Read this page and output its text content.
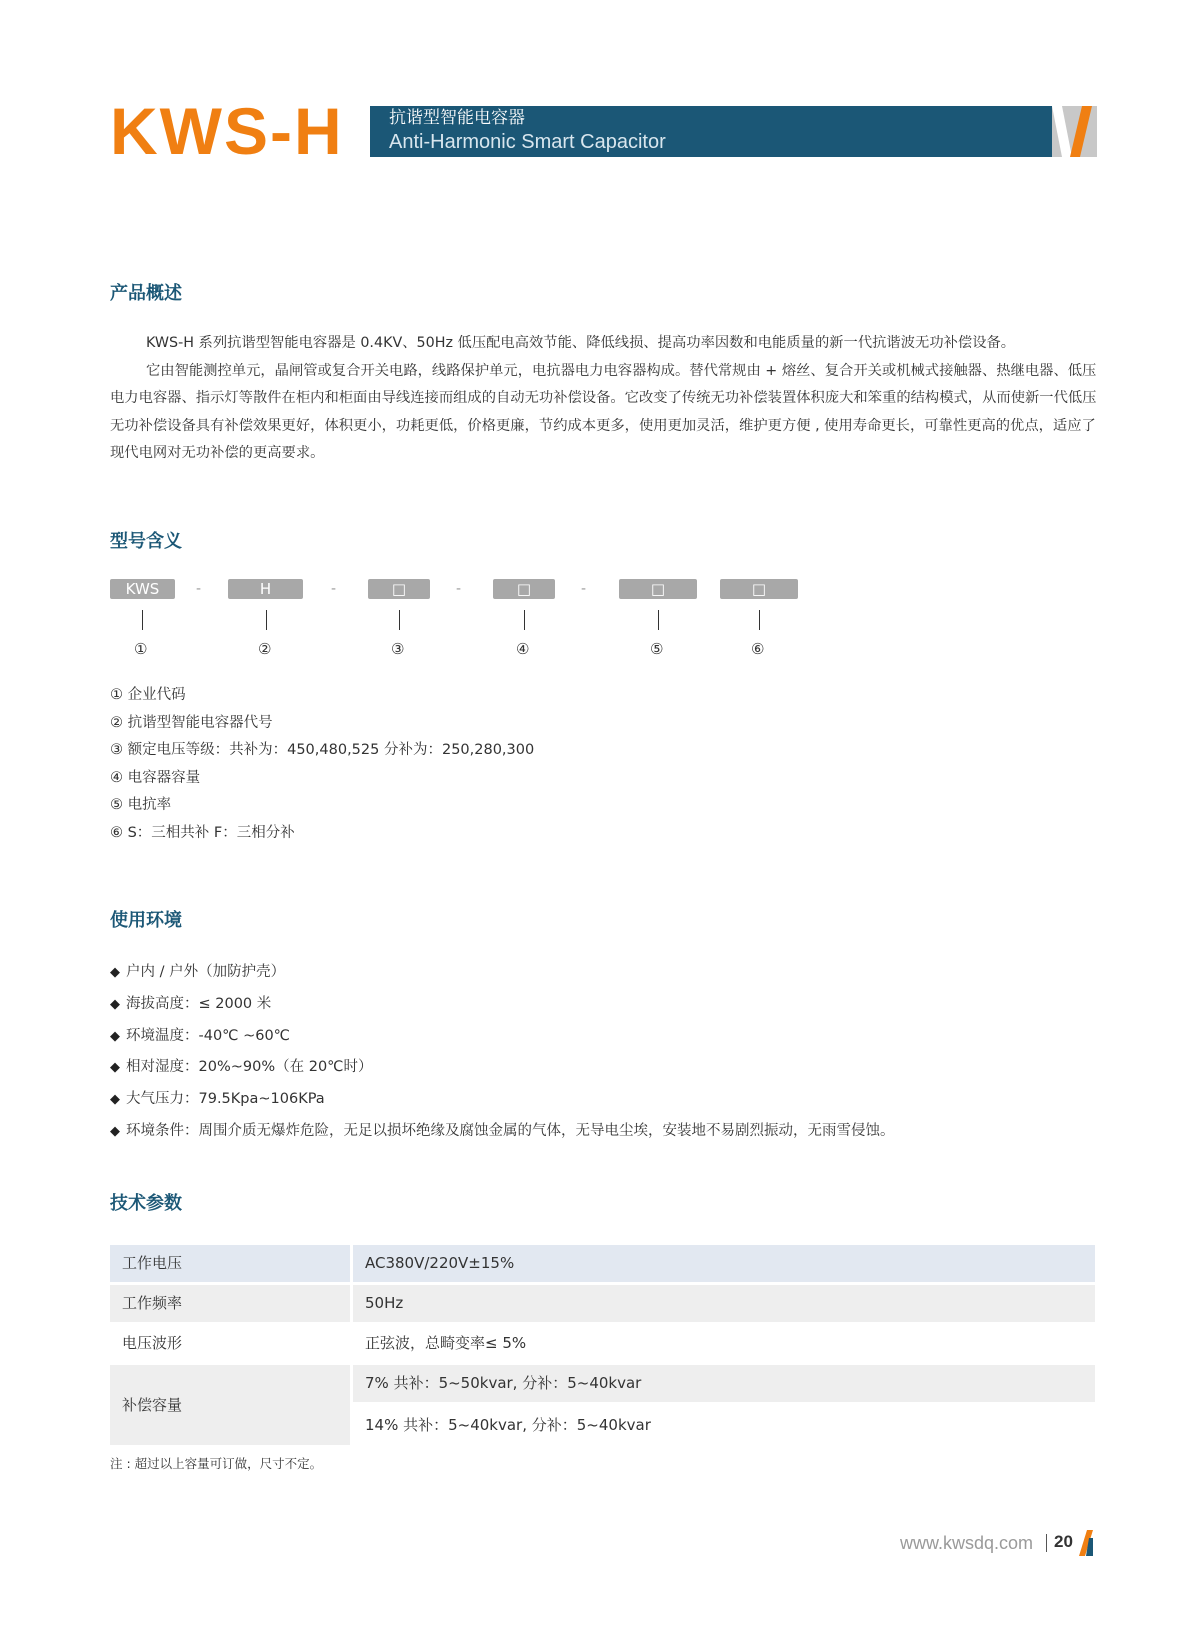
KWS-H	抗谐型智能电容器
Anti-Harmonic Smart Capacitor
产品概述

KWS-H 系列抗谐型智能电容器是 0.4KV、50Hz 低压配电高效节能、降低线损、提高功率因数和电能质量的新一代抗谐波无功补偿设备。

它由智能测控单元，晶闸管或复合开关电路，线路保护单元，电抗器电力电容器构成。替代常规由 + 熔丝、复合开关或机械式接触器、热继电器、低压电力电容器、指示灯等散件在柜内和柜面由导线连接而组成的自动无功补偿设备。它改变了传统无功补偿装置体积庞大和笨重的结构模式，从而使新一代低压无功补偿设备具有补偿效果更好，体积更小，功耗更低，价格更廉，节约成本更多，使用更加灵活，维护更方便 , 使用寿命更长，可靠性更高的优点，适应了现代电网对无功补偿的更高要求。

型号含义
KWS	-	H	-	□	-	□	-	□	□
①	②	③	④	⑤	⑥
① 企业代码
② 抗谐型智能电容器代号
③ 额定电压等级：共补为：450,480,525 分补为：250,280,300
④ 电容器容量
⑤ 电抗率
⑥ S：三相共补 F：三相分补
使用环境
◆ 户内 / 户外（加防护壳）
◆ 海拔高度：≤ 2000 米
◆ 环境温度：-40℃ ~60℃
◆ 相对湿度：20%~90%（在 20℃时）
◆ 大气压力：79.5Kpa~106KPa
◆ 环境条件：周围介质无爆炸危险，无足以损坏绝缘及腐蚀金属的气体，无导电尘埃，安装地不易剧烈振动，无雨雪侵蚀。
技术参数
工作电压	AC380V/220V±15%
工作频率	50Hz
电压波形	正弦波，总畸变率≤ 5%
补偿容量
7% 共补：5~50kvar, 分补：5~40kvar
14% 共补：5~40kvar, 分补：5~40kvar
注 : 超过以上容量可订做，尺寸不定。
www.kwsdq.com 20
